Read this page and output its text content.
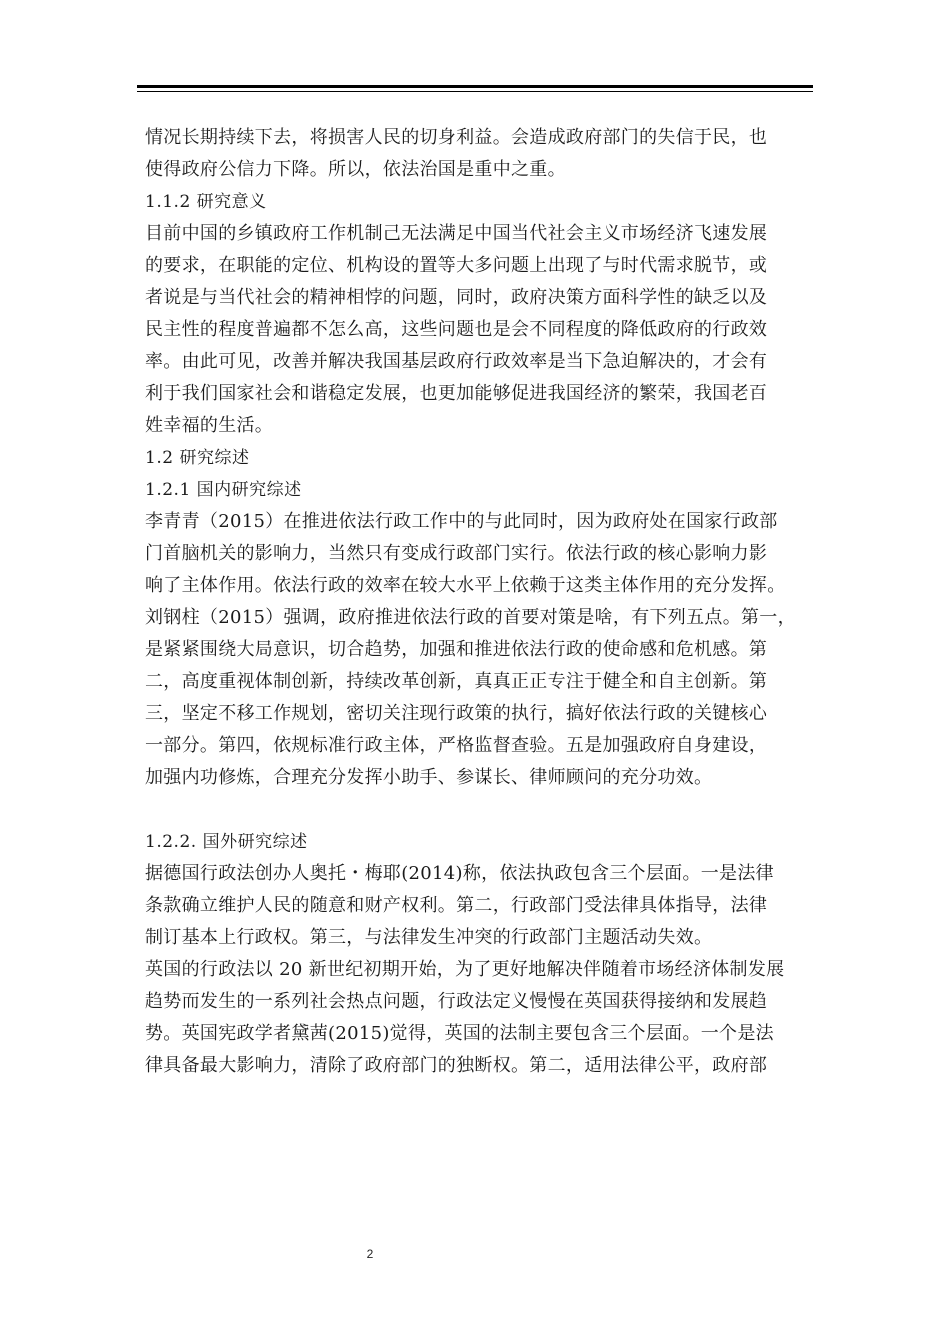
情况长期持续下去，将损害人民的切身利益。会造成政府部门的失信于民，也
使得政府公信力下降。所以，依法治国是重中之重。
1.1.2 研究意义
目前中国的乡镇政府工作机制己无法满足中国当代社会主义市场经济飞速发展
的要求，在职能的定位、机构设的置等大多问题上出现了与时代需求脱节，或
者说是与当代社会的精神相悖的问题，同时，政府决策方面科学性的缺乏以及
民主性的程度普遍都不怎么高，这些问题也是会不同程度的降低政府的行政效
率。由此可见，改善并解决我国基层政府行政效率是当下急迫解决的，才会有
利于我们国家社会和谐稳定发展，也更加能够促进我国经济的繁荣，我国老百
姓幸福的生活。
1.2 研究综述
1.2.1 国内研究综述
李青青（2015）在推进依法行政工作中的与此同时，因为政府处在国家行政部
门首脑机关的影响力，当然只有变成行政部门实行。依法行政的核心影响力影
响了主体作用。依法行政的效率在较大水平上依赖于这类主体作用的充分发挥。
刘钢柱（2015）强调，政府推进依法行政的首要对策是啥，有下列五点。第一，
是紧紧围绕大局意识，切合趋势，加强和推进依法行政的使命感和危机感。第
二，高度重视体制创新，持续改革创新，真真正正专注于健全和自主创新。第
三，坚定不移工作规划，密切关注现行政策的执行，搞好依法行政的关键核心
一部分。第四，依规标准行政主体，严格监督查验。五是加强政府自身建设，
加强内功修炼，合理充分发挥小助手、参谋长、律师顾问的充分功效。
1.2.2. 国外研究综述
据德国行政法创办人奥托・梅耶(2014)称，依法执政包含三个层面。一是法律
条款确立维护人民的随意和财产权利。第二，行政部门受法律具体指导，法律
制订基本上行政权。第三，与法律发生冲突的行政部门主题活动失效。
英国的行政法以 20 新世纪初期开始，为了更好地解决伴随着市场经济体制发展
趋势而发生的一系列社会热点问题，行政法定义慢慢在英国获得接纳和发展趋
势。英国宪政学者黛茜(2015)觉得，英国的法制主要包含三个层面。一个是法
律具备最大影响力，清除了政府部门的独断权。第二，适用法律公平，政府部
2
